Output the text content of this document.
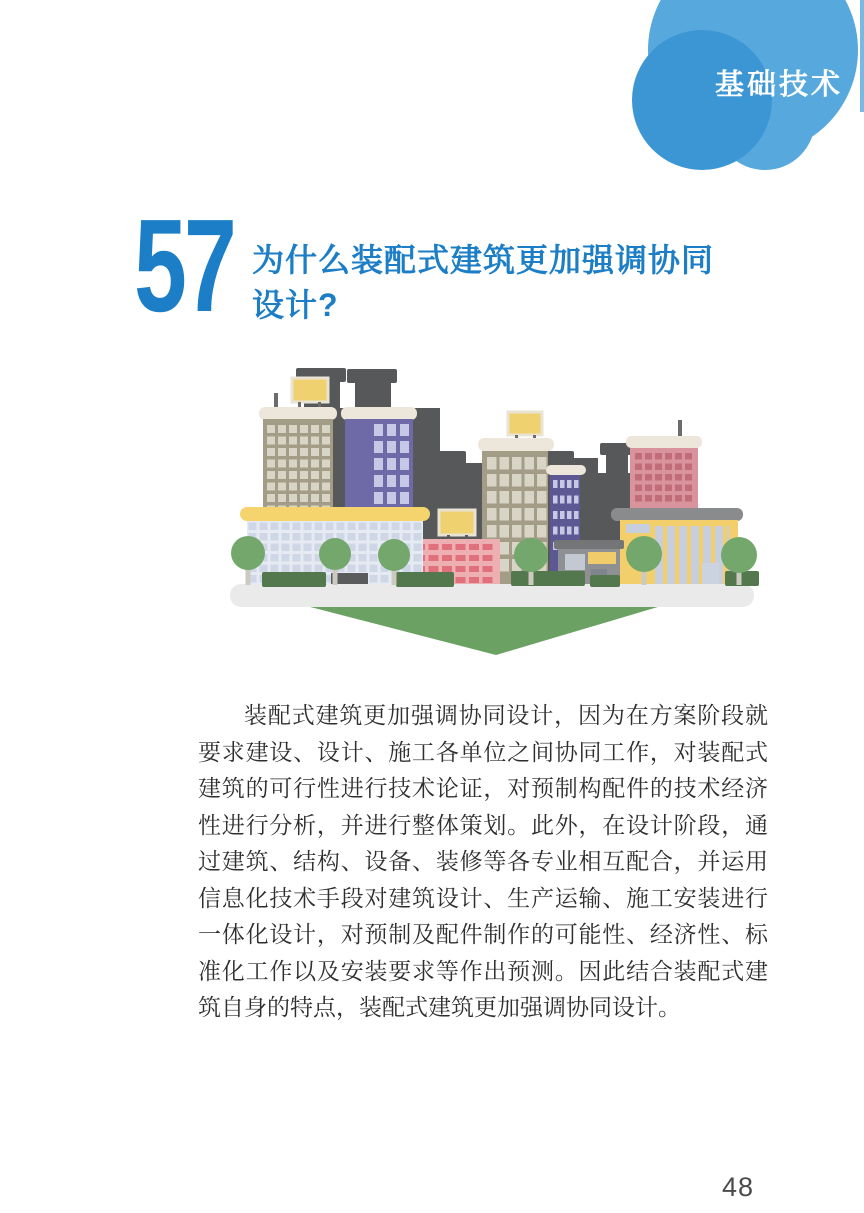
基础技术
57 为什么装配式建筑更加强调协同设计?

装配式建筑更加强调协同设计，因为在方案阶段就

要求建设、设计、施工各单位之间协同工作，对装配式

建筑的可行性进行技术论证，对预制构配件的技术经济

性进行分析，并进行整体策划。此外，在设计阶段，通

过建筑、结构、设备、装修等各专业相互配合，并运用

信息化技术手段对建筑设计、生产运输、施工安装进行

一体化设计，对预制及配件制作的可能性、经济性、标

准化工作以及安装要求等作出预测。因此结合装配式建

筑自身的特点，装配式建筑更加强调协同设计。

48
